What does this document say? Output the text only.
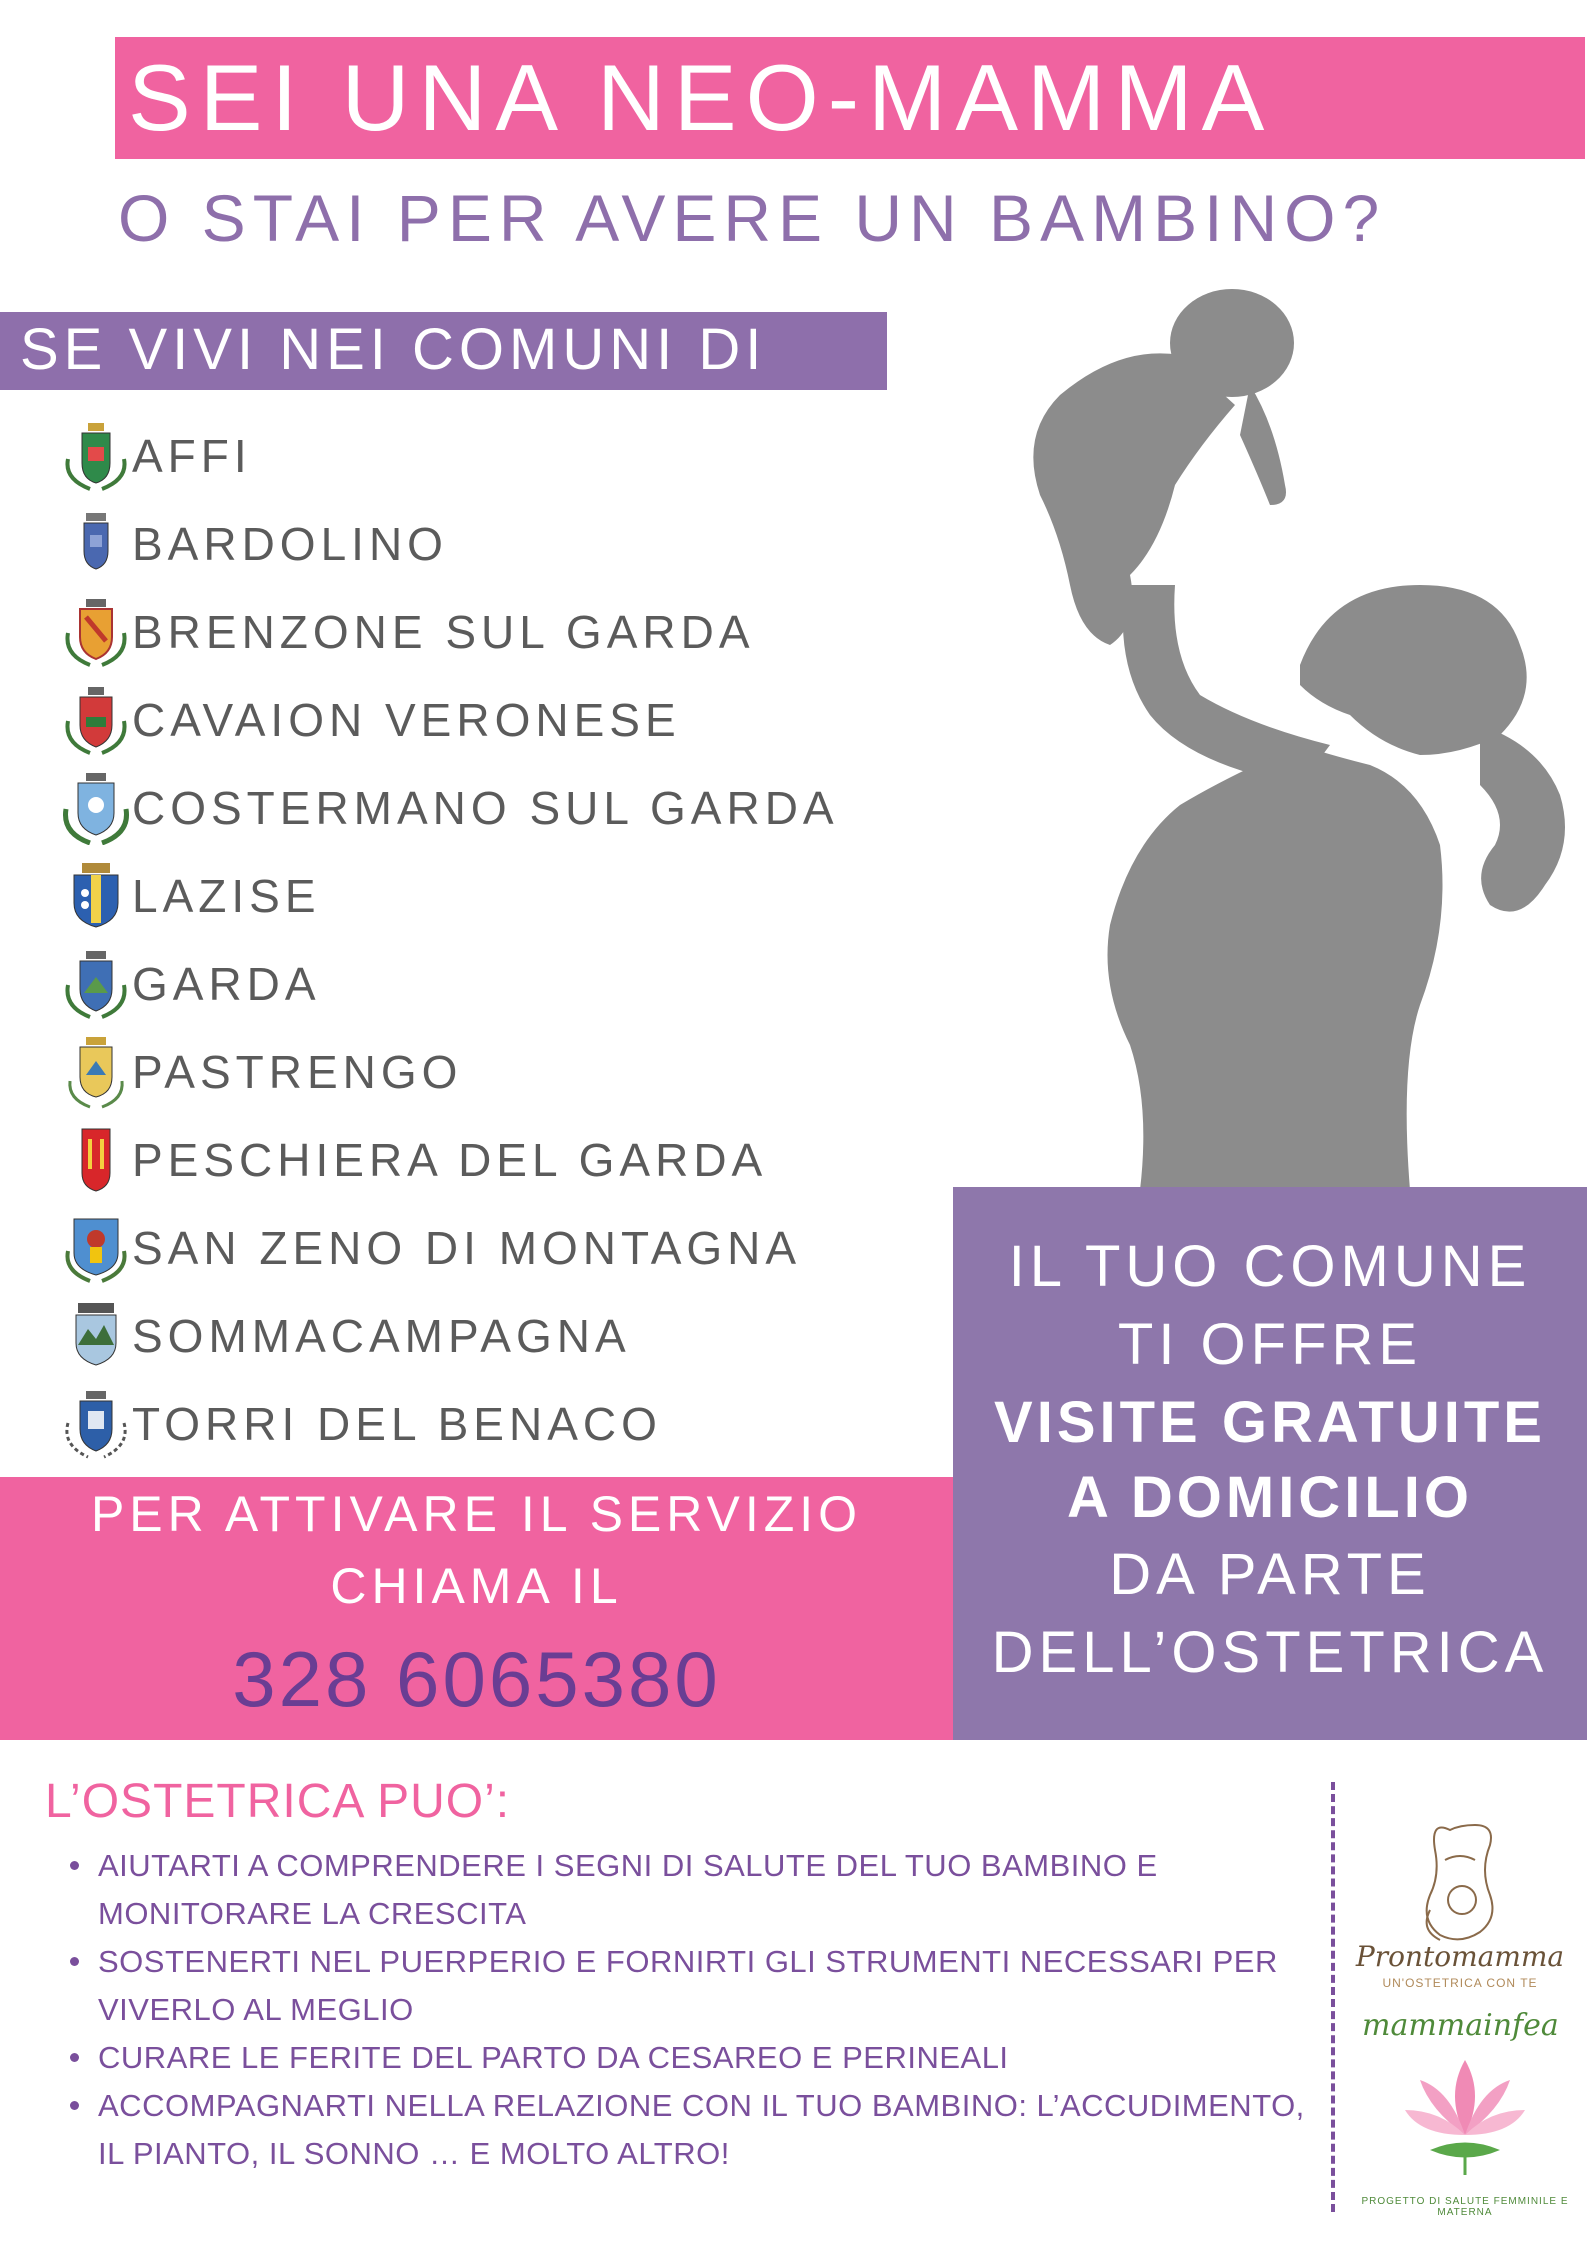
SEI UNA NEO-MAMMA
O STAI PER AVERE UN BAMBINO?
SE VIVI NEI COMUNI DI
AFFI
BARDOLINO
BRENZONE SUL GARDA
CAVAION VERONESE
COSTERMANO SUL GARDA
LAZISE
GARDA
PASTRENGO
PESCHIERA DEL GARDA
SAN ZENO DI MONTAGNA
SOMMACAMPAGNA
TORRI DEL BENACO
IL TUO COMUNE
TI OFFRE
VISITE GRATUITE
A DOMICILIO
DA PARTE
DELL’OSTETRICA
PER ATTIVARE IL SERVIZIO
CHIAMA IL
328 6065380
L’OSTETRICA PUO’:
AIUTARTI A COMPRENDERE I SEGNI DI SALUTE DEL TUO BAMBINO E MONITORARE LA CRESCITA
SOSTENERTI NEL PUERPERIO E FORNIRTI GLI STRUMENTI NECESSARI PER VIVERLO AL MEGLIO
CURARE LE FERITE DEL PARTO DA CESAREO E PERINEALI
ACCOMPAGNARTI NELLA RELAZIONE CON IL TUO BAMBINO: L’ACCUDIMENTO, IL PIANTO, IL SONNO … E MOLTO ALTRO!
Prontomamma
UN'OSTETRICA CON TE
mammainfea
PROGETTO DI SALUTE FEMMINILE E MATERNA
